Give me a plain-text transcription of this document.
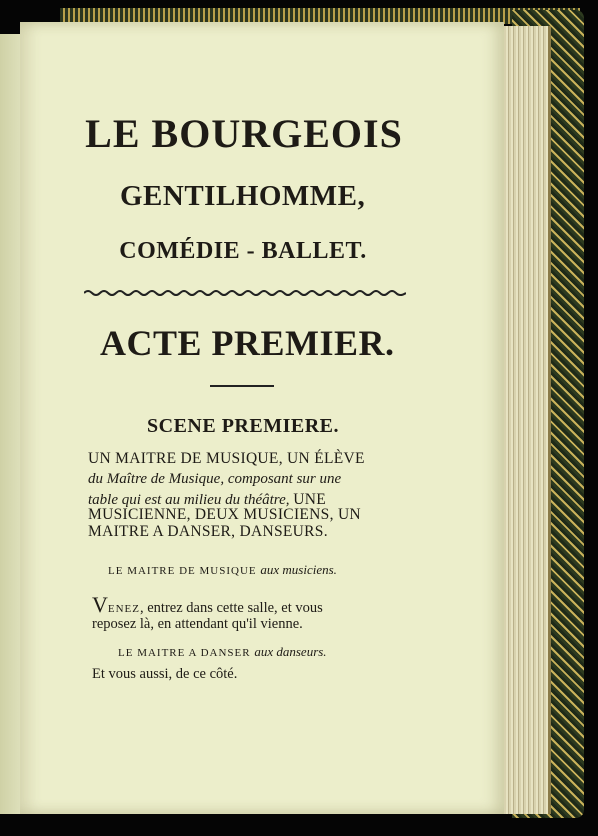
LE BOURGEOIS
GENTILHOMME,
COMÉDIE - BALLET.
ACTE PREMIER.
SCENE PREMIERE.
UN MAITRE DE MUSIQUE, UN ÉLÈVE
du Maître de Musique, composant sur une
table qui est au milieu du théâtre, UNE
MUSICIENNE, DEUX MUSICIENS, UN
MAITRE A DANSER, DANSEURS.
LE MAITRE DE MUSIQUE aux musiciens.
VENEZ, entrez dans cette salle, et vous
reposez là, en attendant qu'il vienne.
LE MAITRE A DANSER aux danseurs.
Et vous aussi, de ce côté.
